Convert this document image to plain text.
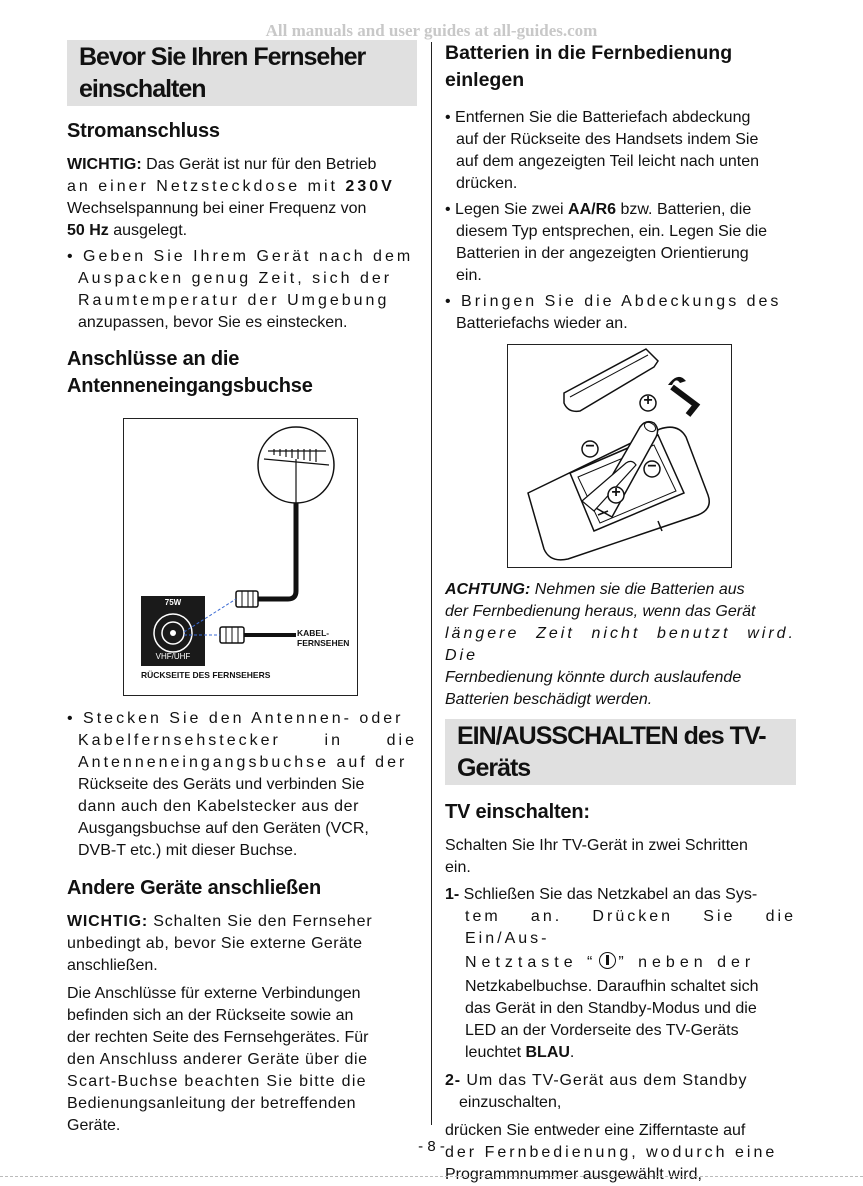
All manuals and user guides at all-guides.com
Bevor Sie Ihren Fernseher
einschalten
Stromanschluss

WICHTIG: Das Gerät ist nur für den Betrieb

an einer Netzsteckdose mit 230V

Wechselspannung bei einer Frequenz von

50 Hz ausgelegt.

• Geben Sie Ihrem Gerät nach dem

Auspacken genug Zeit, sich der

Raumtemperatur der Umgebung

anzupassen, bevor Sie es einstecken.

Anschlüsse an die
Antenneneingangsbuchse
75W
VHF/UHF
KABEL-
FERNSEHEN
RÜCKSEITE DES FERNSEHERS

• Stecken Sie den Antennen- oder

Kabelfernsehstecker in die

Antenneneingangsbuchse auf der

Rückseite des Geräts und verbinden Sie

dann auch den Kabelstecker aus der

Ausgangsbuchse auf den Geräten (VCR,

DVB-T etc.) mit dieser Buchse.

Andere Geräte anschließen

WICHTIG: Schalten Sie den Fernseher

unbedingt ab, bevor Sie externe Geräte

anschließen.

Die Anschlüsse für externe Verbindungen

befinden sich an der Rückseite sowie an

der rechten Seite des Fernsehgerätes. Für

den Anschluss anderer Geräte über die

Scart-Buchse beachten Sie bitte die

Bedienungsanleitung der betreffenden

Geräte.

Batterien in die Fernbedienung
einlegen

• Entfernen Sie die Batteriefach abdeckung

auf der Rückseite des Handsets indem Sie

auf dem angezeigten Teil leicht nach unten

drücken.

• Legen Sie zwei AA/R6 bzw. Batterien, die

diesem Typ entsprechen, ein. Legen Sie die

Batterien in der angezeigten Orientierung

ein.

• Bringen Sie die Abdeckungs des

Batteriefachs wieder an.

+
−
−
+

ACHTUNG: Nehmen sie die Batterien aus

der Fernbedienung heraus, wenn das Gerät

längere Zeit nicht benutzt wird. Die

Fernbedienung könnte durch auslaufende

Batterien beschädigt werden.

EIN/AUSSCHALTEN des TV-
Geräts
TV einschalten:

Schalten Sie Ihr TV-Gerät in zwei Schritten

ein.

1- Schließen Sie das Netzkabel an das Sys-

tem an. Drücken Sie die Ein/Aus-

Netztaste “ ” neben der

Netzkabelbuchse. Daraufhin schaltet sich

das Gerät in den Standby-Modus und die

LED an der Vorderseite des TV-Geräts

leuchtet BLAU.

2- Um das TV-Gerät aus dem Standby

einzuschalten,

drücken Sie entweder eine Zifferntaste auf

der Fernbedienung, wodurch eine

Programmnummer ausgewählt wird,

- 8 -
